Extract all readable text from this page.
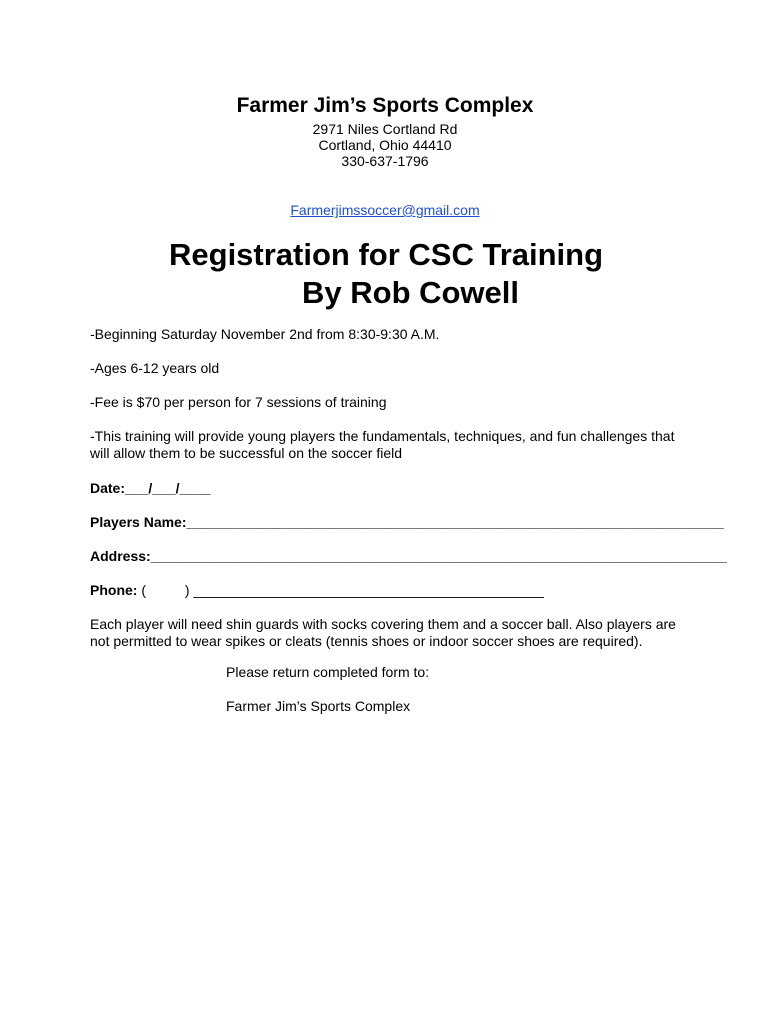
Farmer Jim’s Sports Complex
2971 Niles Cortland Rd
Cortland, Ohio 44410
330-637-1796
Farmerjimssoccer@gmail.com
Registration for CSC Training
By Rob Cowell
-Beginning Saturday November 2nd from 8:30-9:30 A.M.
-Ages 6-12 years old
-Fee is $70 per person for 7 sessions of training
-This training will provide young players the fundamentals, techniques, and fun challenges that will allow them to be successful on the soccer field
Date:___/___/____
Players Name:_____________________________________________________________________
Address:__________________________________________________________________________
Phone: (          ) _____________________________________________
Each player will need shin guards with socks covering them and a soccer ball. Also players are not permitted to wear spikes or cleats (tennis shoes or indoor soccer shoes are required).
Please return completed form to:
Farmer Jim’s Sports Complex
